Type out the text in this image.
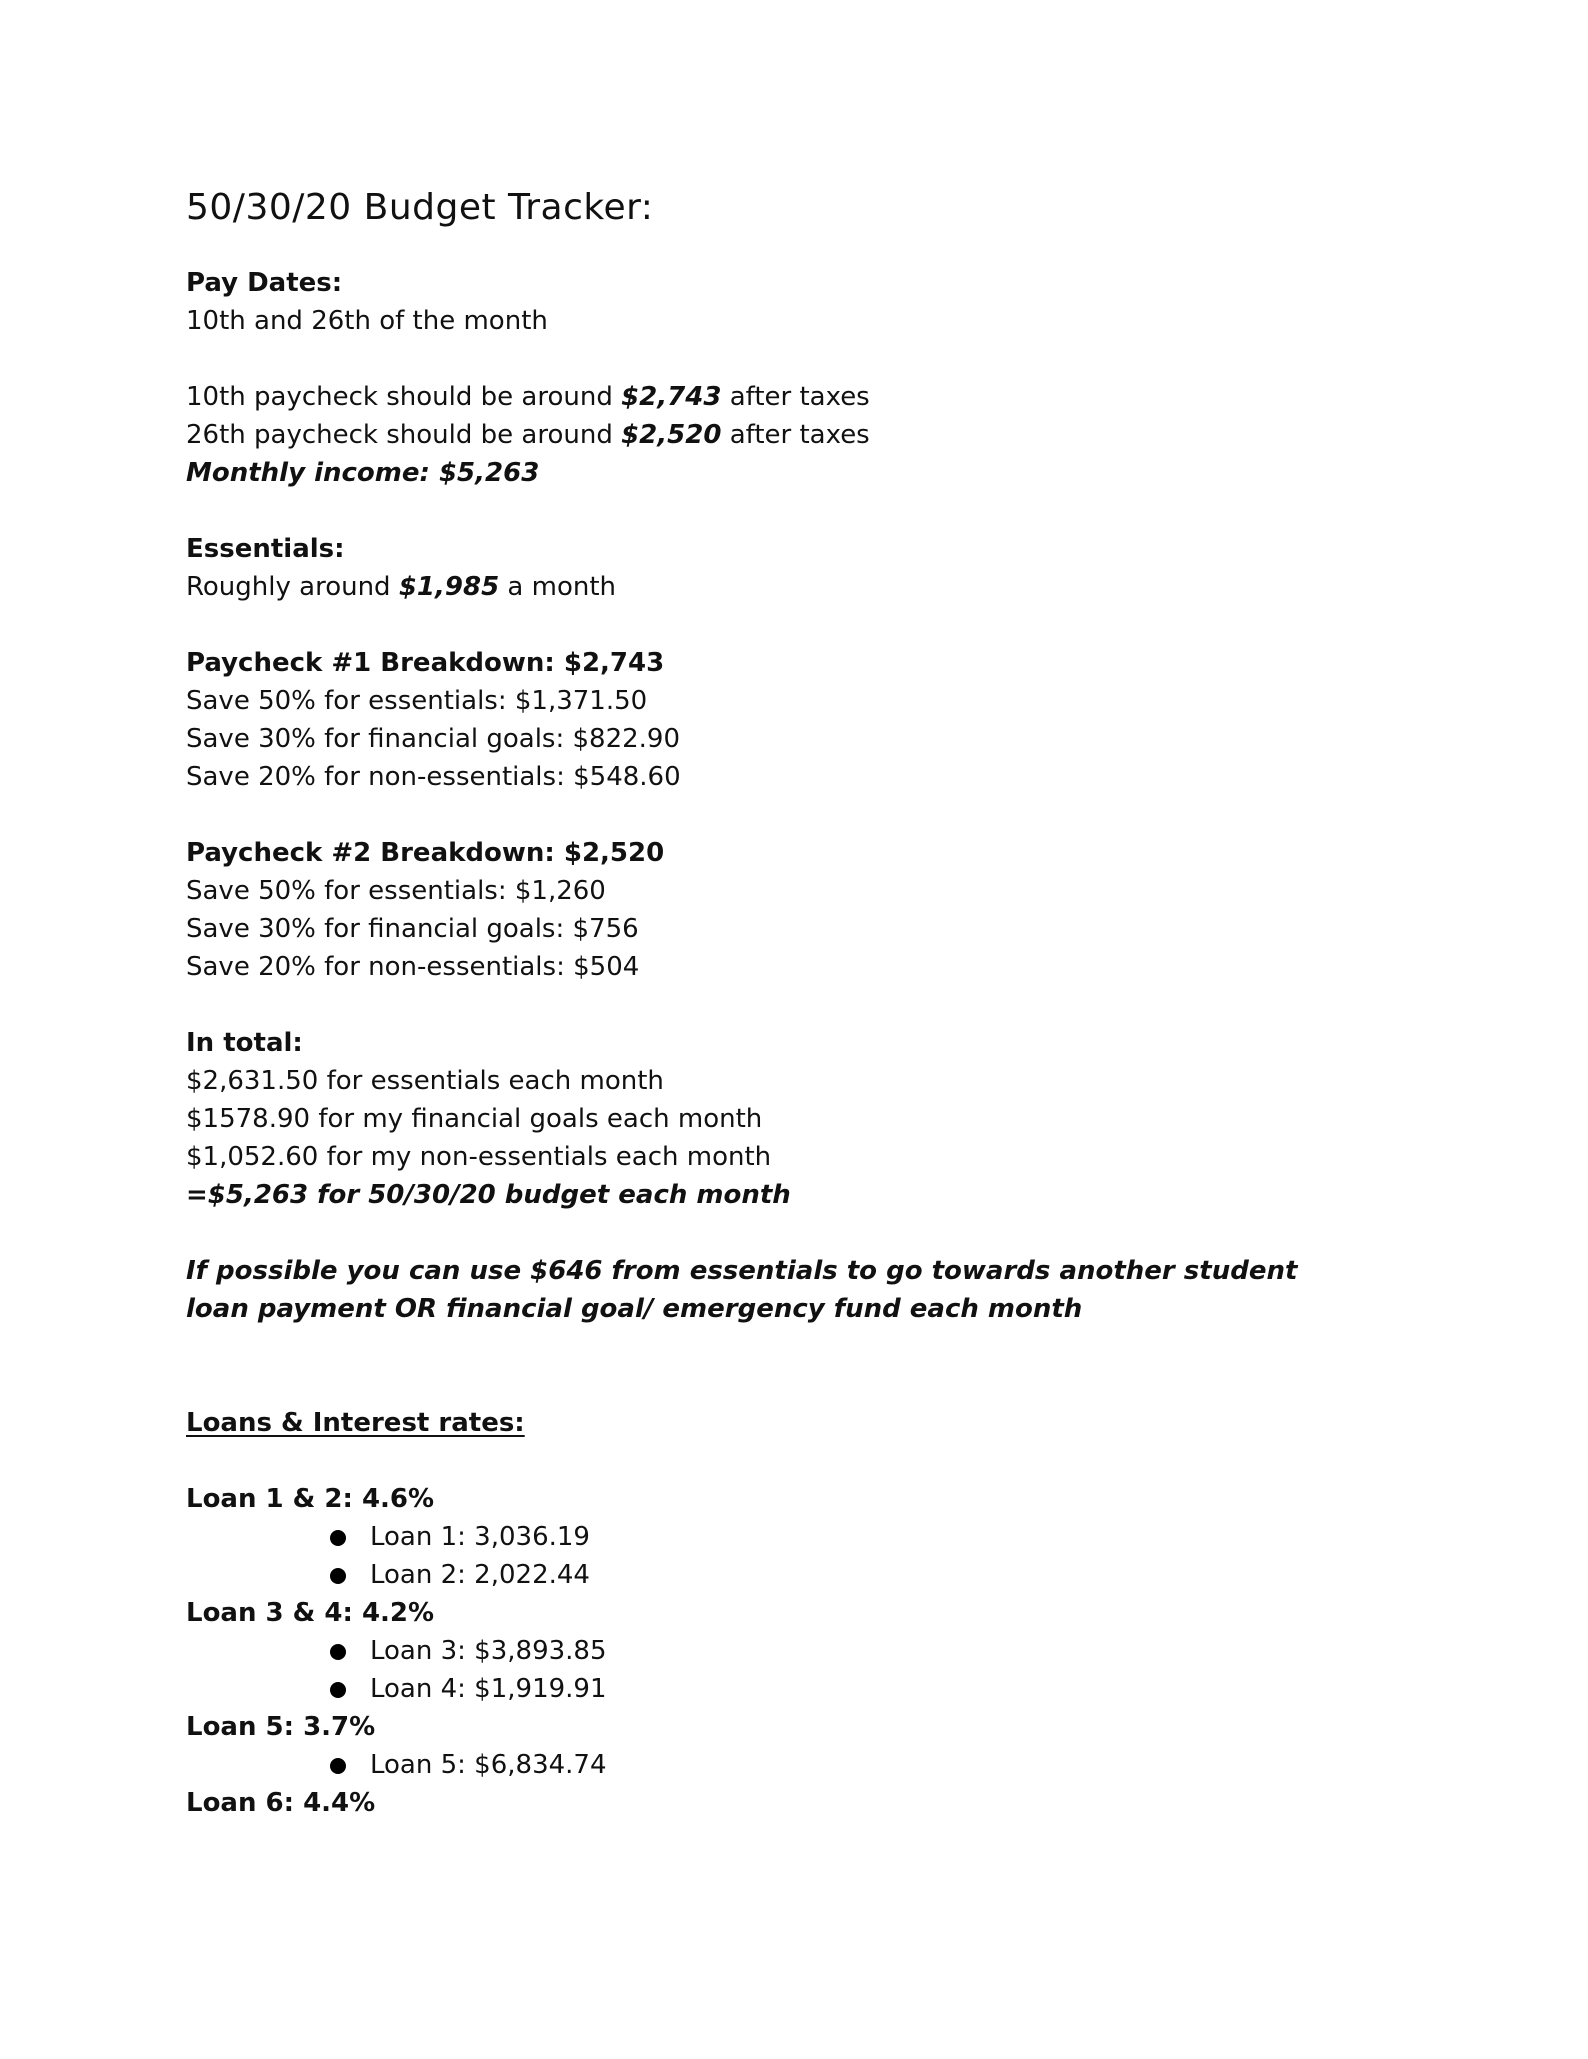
50/30/20 Budget Tracker:
Pay Dates:
10th and 26th of the month
10th paycheck should be around $2,743 after taxes
26th paycheck should be around $2,520 after taxes
Monthly income: $5,263
Essentials:
Roughly around $1,985 a month
Paycheck #1 Breakdown: $2,743
Save 50% for essentials: $1,371.50
Save 30% for financial goals: $822.90
Save 20% for non-essentials: $548.60
Paycheck #2 Breakdown: $2,520
Save 50% for essentials: $1,260
Save 30% for financial goals: $756
Save 20% for non-essentials: $504
In total:
$2,631.50 for essentials each month
$1578.90 for my financial goals each month
$1,052.60 for my non-essentials each month
=$5,263 for 50/30/20 budget each month
If possible you can use $646 from essentials to go towards another student loan payment OR financial goal/ emergency fund each month
Loans & Interest rates:
Loan 1 & 2: 4.6%
Loan 1: 3,036.19
Loan 2: 2,022.44
Loan 3 & 4: 4.2%
Loan 3: $3,893.85
Loan 4: $1,919.91
Loan 5: 3.7%
Loan 5: $6,834.74
Loan 6: 4.4%
